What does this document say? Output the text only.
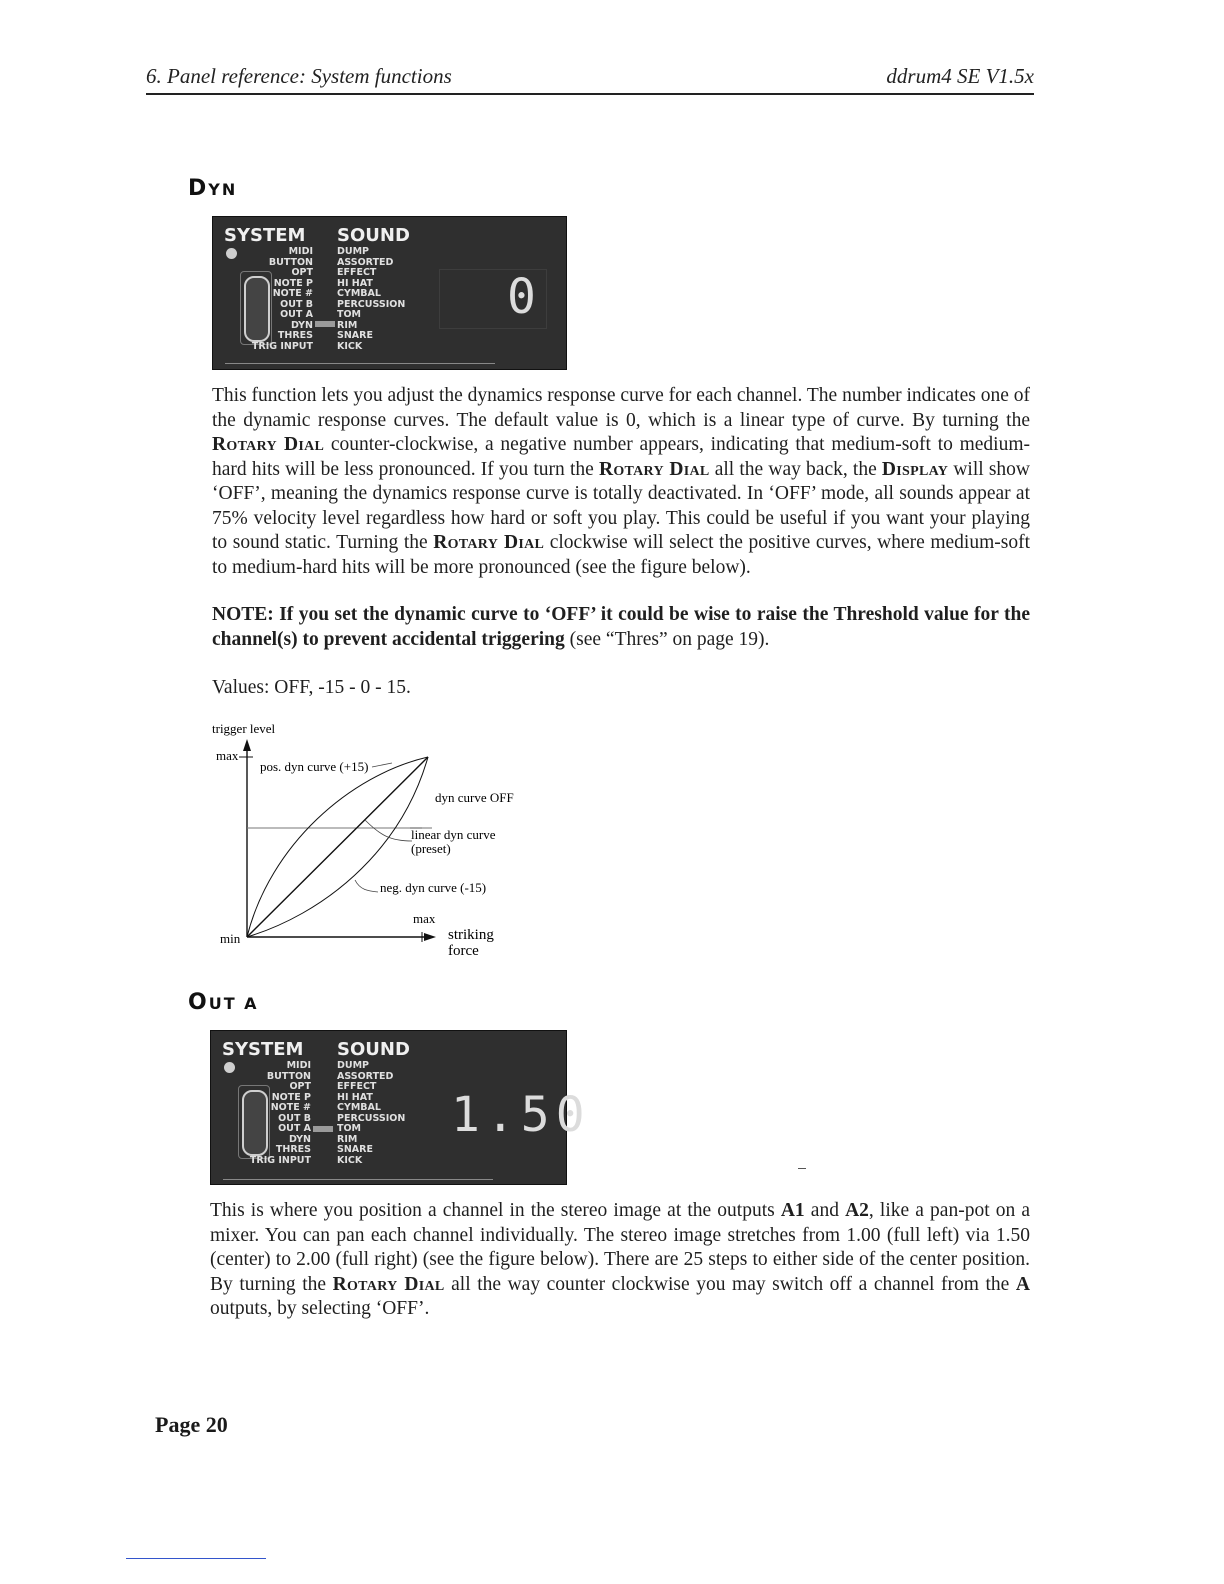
6. Panel reference: System functions	ddrum4 SE V1.5x
DYN
SYSTEM SOUND
MIDI
BUTTON
OPT
NOTE P
NOTE #
OUT B
OUT A
DYN
THRES
TRIG INPUT
DUMP
ASSORTED
EFFECT
HI HAT
CYMBAL
PERCUSSION
TOM
RIM
SNARE
KICK
0
This function lets you adjust the dynamics response curve for each channel. The number indicates one of the dynamic response curves. The default value is 0, which is a linear type of curve. By turning the Rotary Dial counter-clockwise, a negative number appears, indicating that medium-soft to medium-hard hits will be less pronounced. If you turn the Rotary Dial all the way back, the Display will show ‘OFF’, meaning the dynamics response curve is totally deactivated. In ‘OFF’ mode, all sounds appear at 75% velocity level regardless how hard or soft you play. This could be useful if you want your playing to sound static. Turning the Rotary Dial clockwise will select the positive curves, where medium-soft to medium-hard hits will be more pronounced (see the figure below).
NOTE: If you set the dynamic curve to ‘OFF’ it could be wise to raise the Threshold value for the channel(s) to prevent accidental triggering (see “Thres” on page 19).
Values: OFF, -15 - 0 - 15.
trigger level
max
min
max
striking
force
pos. dyn curve (+15)
dyn curve OFF
linear dyn curve
(preset)
neg. dyn curve (-15)
OUT A
SYSTEM SOUND
MIDI
BUTTON
OPT
NOTE P
NOTE #
OUT B
OUT A
DYN
THRES
TRIG INPUT
DUMP
ASSORTED
EFFECT
HI HAT
CYMBAL
PERCUSSION
TOM
RIM
SNARE
KICK
1.50
This is where you position a channel in the stereo image at the outputs A1 and A2, like a pan-pot on a mixer. You can pan each channel individually. The stereo image stretches from 1.00 (full left) via 1.50 (center) to 2.00 (full right) (see the figure below). There are 25 steps to either side of the center position. By turning the Rotary Dial all the way counter clockwise you may switch off a channel from the A outputs, by selecting ‘OFF’.
Page 20
